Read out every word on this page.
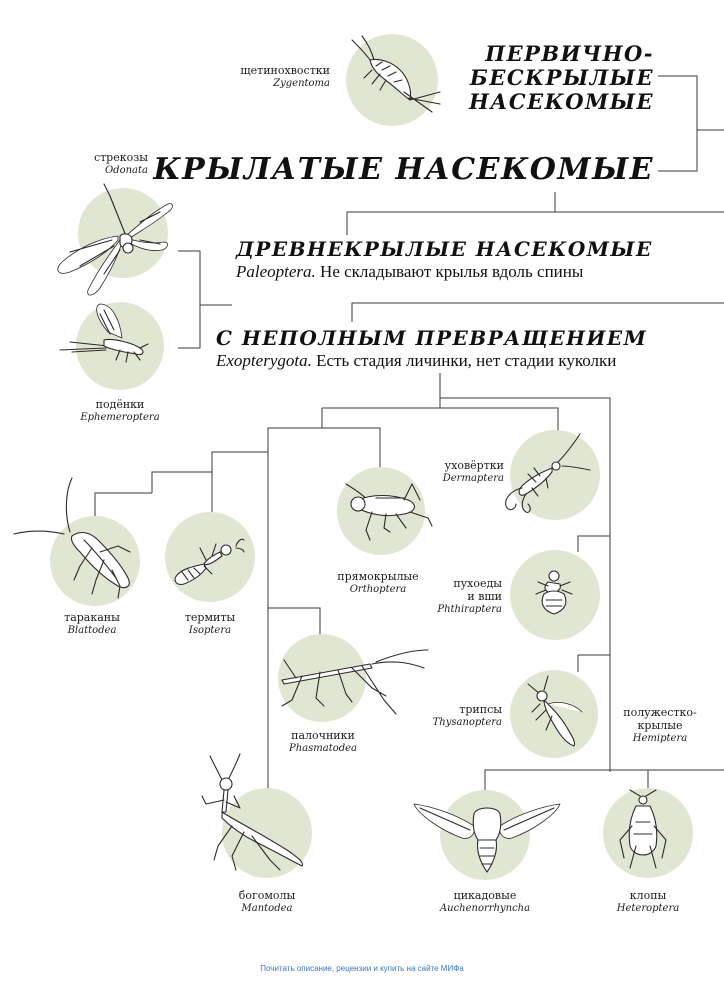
ПЕРВИЧНО-
БЕСКРЫЛЫЕ
НАСЕКОМЫЕ
КРЫЛАТЫЕ НАСЕКОМЫЕ
ДРЕВНЕКРЫЛЫЕ НАСЕКОМЫЕ
Paleoptera. Не складывают крылья вдоль спины
С НЕПОЛНЫМ ПРЕВРАЩЕНИЕМ
Exopterygota. Есть стадия личинки, нет стадии куколки
щетинохвостки
Zygentoma
стрекозы
Odonata
подёнки
Ephemeroptera
уховёртки
Dermaptera
прямокрылые
Orthoptera
тараканы
Blattodea
термиты
Isoptera
пухоеды
и вши
Phthiraptera
палочники
Phasmatodea
трипсы
Thysanoptera
полужестко-
крылые
Hemiptera
богомолы
Mantodea
цикадовые
Auchenorrhyncha
клопы
Heteroptera
Почитать описание, рецензии и купить на сайте МИФа
